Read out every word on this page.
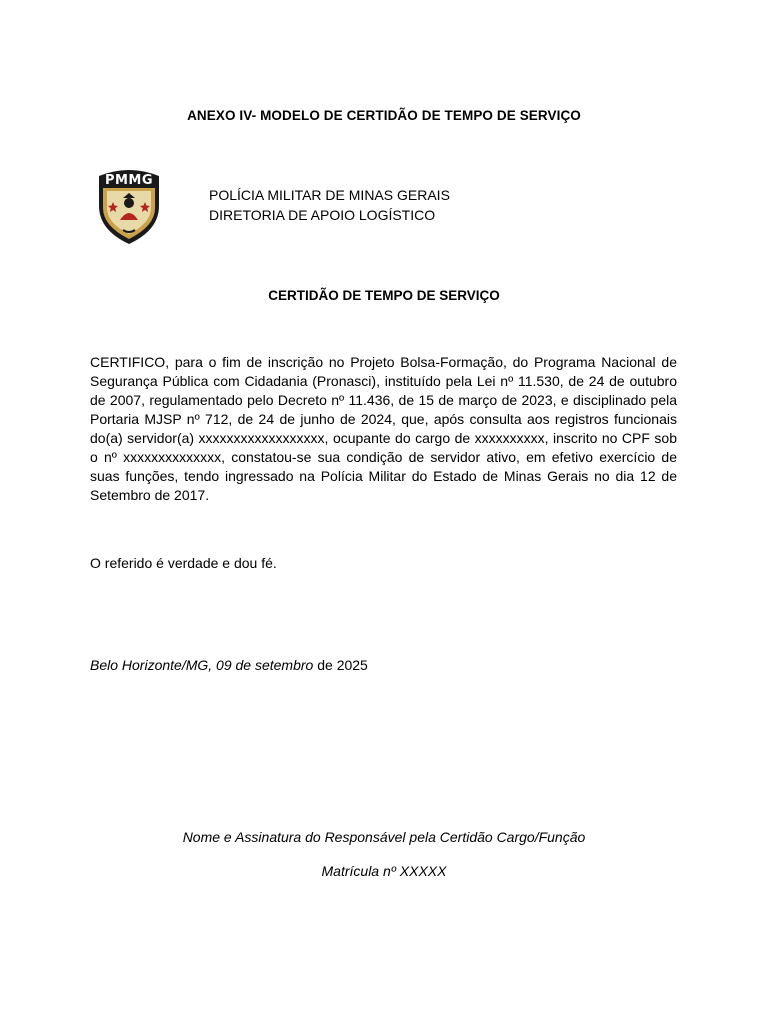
ANEXO IV- MODELO DE CERTIDÃO DE TEMPO DE SERVIÇO
PMMG
POLÍCIA MILITAR DE MINAS GERAIS
DIRETORIA DE APOIO LOGÍSTICO
CERTIDÃO DE TEMPO DE SERVIÇO

CERTIFICO, para o fim de inscrição no Projeto Bolsa-Formação, do Programa Nacional de Segurança Pública com Cidadania (Pronasci), instituído pela Lei nº 11.530, de 24 de outubro de 2007, regulamentado pelo Decreto nº 11.436, de 15 de março de 2023, e disciplinado pela Portaria MJSP nº 712, de 24 de junho de 2024, que, após consulta aos registros funcionais do(a) servidor(a) xxxxxxxxxxxxxxxxxx, ocupante do cargo de xxxxxxxxxx, inscrito no CPF sob o nº xxxxxxxxxxxxxx, constatou-se sua condição de servidor ativo, em efetivo exercício de suas funções, tendo ingressado na Polícia Militar do Estado de Minas Gerais no dia 12 de Setembro de 2017.

O referido é verdade e dou fé.
Belo Horizonte/MG, 09 de setembro de 2025
Nome e Assinatura do Responsável pela Certidão Cargo/Função
Matrícula nº XXXXX
